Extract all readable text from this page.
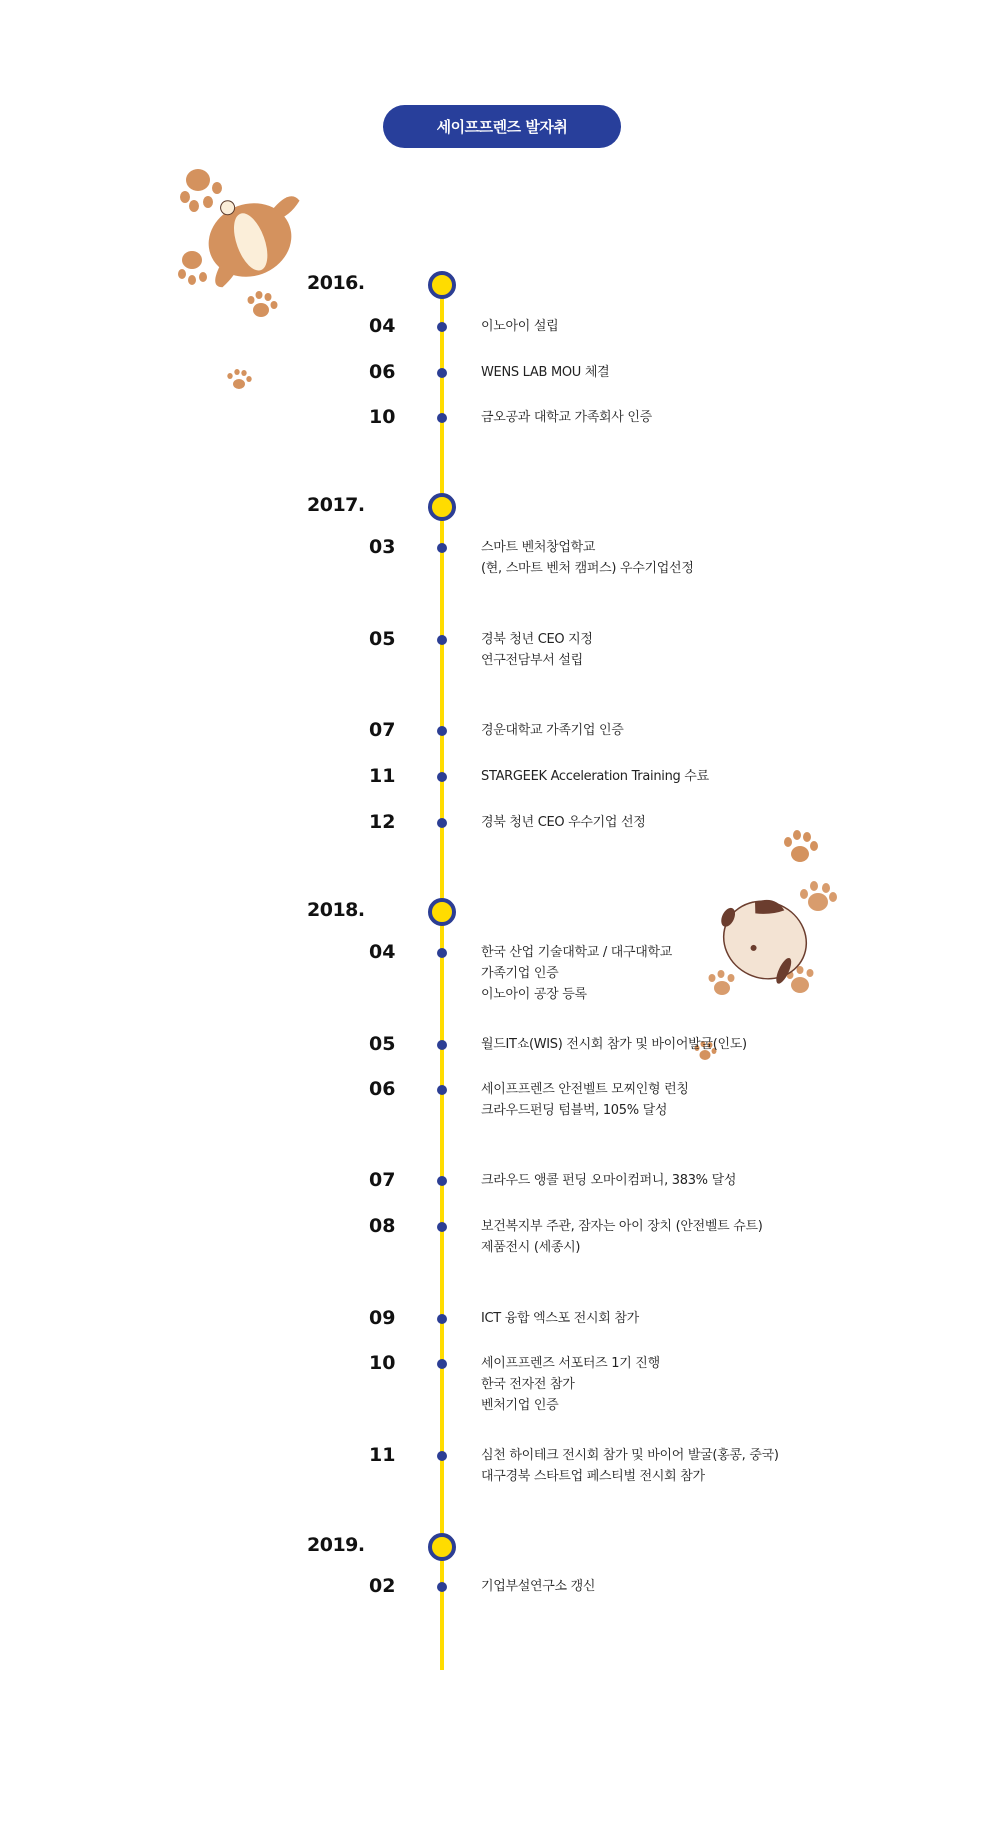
세이프프렌즈 발자취
2016.
04	이노아이 설립
06	WENS LAB MOU 체결
10	금오공과 대학교 가족회사 인증
2017.
03	스마트 벤처창업학교
(현, 스마트 벤처 캠퍼스) 우수기업선정
05	경북 청년 CEO 지정
연구전담부서 설립
07	경운대학교 가족기업 인증
11	STARGEEK Acceleration Training 수료
12	경북 청년 CEO 우수기업 선정
2018.
04	한국 산업 기술대학교 / 대구대학교
가족기업 인증
이노아이 공장 등록
05	월드IT쇼(WIS) 전시회 참가 및 바이어발굴(인도)
06	세이프프렌즈 안전벨트 모찌인형 런칭
크라우드펀딩 텀블벅, 105% 달성
07	크라우드 앵콜 펀딩 오마이컴퍼니, 383% 달성
08	보건복지부 주관, 잠자는 아이 장치 (안전벨트 슈트)
제품전시 (세종시)
09	ICT 융합 엑스포 전시회 참가
10	세이프프렌즈 서포터즈 1기 진행
한국 전자전 참가
벤처기업 인증
11	심천 하이테크 전시회 참가 및 바이어 발굴(홍콩, 중국)
대구경북 스타트업 페스티벌 전시회 참가
2019.
02	기업부설연구소 갱신
